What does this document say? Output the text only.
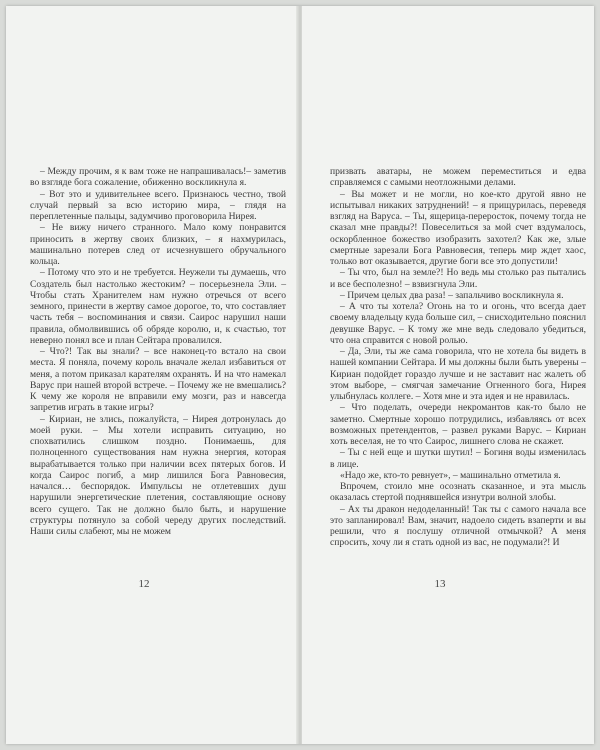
– Между прочим, я к вам тоже не напрашивалась!– заметив во взгляде бога сожаление, обиженно воскликнула я.

– Вот это и удивительнее всего. Признаюсь честно, твой случай первый за всю историю мира, – глядя на переплетенные пальцы, задумчиво проговорила Нирея.

– Не вижу ничего странного. Мало кому понравится приносить в жертву своих близких, – я нахмурилась, машинально потерев след от исчезнувшего обручального кольца.

– Потому что это и не требуется. Неужели ты думаешь, что Создатель был настолько жестоким? – посерьезнела Эли. – Чтобы стать Хранителем нам нужно отречься от всего земного, принести в жертву самое дорогое, то, что составляет часть тебя – воспоминания и связи. Саирос нарушил наши правила, обмолвившись об обряде королю, и, к счастью, тот неверно понял все и план Сейтара провалился.

– Что?! Так вы знали? – все наконец-то встало на свои места. Я поняла, почему король вначале желал избавиться от меня, а потом приказал карателям охранять. И на что намекал Варус при нашей второй встрече. – Почему же не вмешались? К чему же короля не вправили ему мозги, раз и навсегда запретив играть в такие игры?

– Кириан, не злись, пожалуйста, – Нирея дотронулась до моей руки. – Мы хотели исправить ситуацию, но спохватились слишком поздно. Понимаешь, для полноценного существования нам нужна энергия, которая вырабатывается только при наличии всех пятерых богов. И когда Саирос погиб, а мир лишился Бога Равновесия, начался… беспорядок. Импульсы не отлетевших душ нарушили энергетические плетения, составляющие основу всего сущего. Так не должно было быть, и нарушение структуры потянуло за собой череду других последствий. Наши силы слабеют, мы не можем

12

призвать аватары, не можем переместиться и едва справляемся с самыми неотложными делами.

– Вы может и не могли, но кое-кто другой явно не испытывал никаких затруднений! – я прищурилась, переведя взгляд на Варуса. – Ты, ящерица-переросток, почему тогда не сказал мне правды?! Повеселиться за мой счет вздумалось, оскорбленное божество изобразить захотел? Как же, злые смертные зарезали Бога Равновесия, теперь мир ждет хаос, только вот оказывается, другие боги все это допустили!

– Ты что, был на земле?! Но ведь мы столько раз пытались и все бесполезно! – взвизгнула Эли.

– Причем целых два раза! – запальчиво воскликнула я.

– А что ты хотела? Огонь на то и огонь, что всегда дает своему владельцу куда больше сил, – снисходительно пояснил девушке Варус. – К тому же мне ведь следовало убедиться, что она справится с новой ролью.

– Да, Эли, ты же сама говорила, что не хотела бы видеть в нашей компании Сейтара. И мы должны были быть уверены – Кириан подойдет гораздо лучше и не заставит нас жалеть об этом выборе, – смягчая замечание Огненного бога, Нирея улыбнулась коллеге. – Хотя мне и эта идея и не нравилась.

– Что поделать, очереди некромантов как-то было не заметно. Смертные хорошо потрудились, избавляясь от всех возможных претендентов, – развел руками Варус. – Кириан хоть веселая, не то что Саирос, лишнего слова не скажет.

– Ты с ней еще и шутки шутил! – Богиня воды изменилась в лице.

«Надо же, кто-то ревнует», – машинально отметила я.

Впрочем, стоило мне осознать сказанное, и эта мысль оказалась стертой поднявшейся изнутри волной злобы.

– Ах ты дракон недоделанный! Так ты с самого начала все это запланировал! Вам, значит, надоело сидеть взаперти и вы решили, что я послушу отличной отмычкой? А меня спросить, хочу ли я стать одной из вас, не подумали?! И

13
